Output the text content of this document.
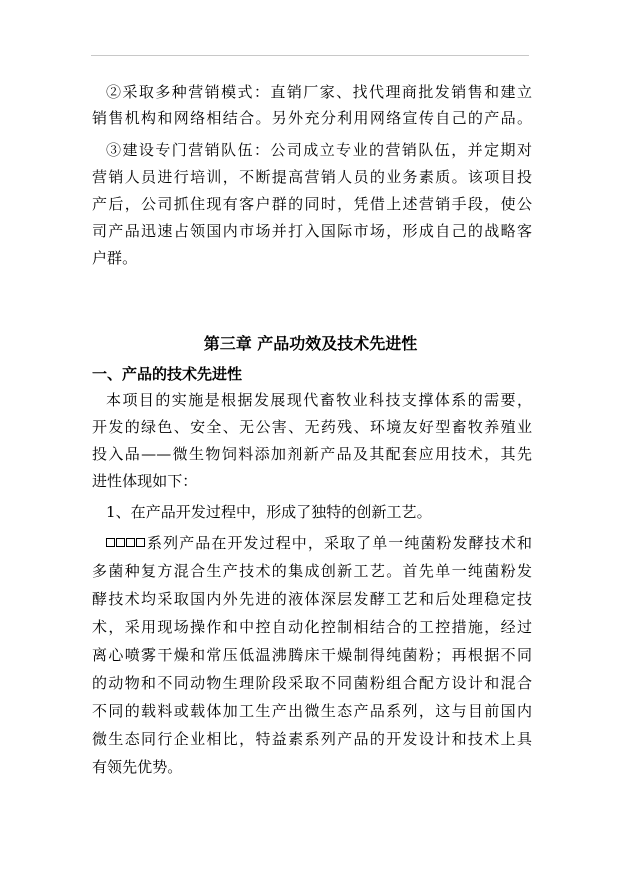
②采取多种营销模式：直销厂家、找代理商批发销售和建立
销售机构和网络相结合。另外充分利用网络宣传自己的产品。
③建设专门营销队伍：公司成立专业的营销队伍，并定期对
营销人员进行培训，不断提高营销人员的业务素质。该项目投
产后，公司抓住现有客户群的同时，凭借上述营销手段，使公
司产品迅速占领国内市场并打入国际市场，形成自己的战略客
户群。
本项目的实施是根据发展现代畜牧业科技支撑体系的需要，
开发的绿色、安全、无公害、无药残、环境友好型畜牧养殖业
投入品——微生物饲料添加剂新产品及其配套应用技术，其先
进性体现如下：
1、在产品开发过程中，形成了独特的创新工艺。
系列产品在开发过程中，采取了单一纯菌粉发酵技术和
多菌种复方混合生产技术的集成创新工艺。首先单一纯菌粉发
酵技术均采取国内外先进的液体深层发酵工艺和后处理稳定技
术，采用现场操作和中控自动化控制相结合的工控措施，经过
离心喷雾干燥和常压低温沸腾床干燥制得纯菌粉；再根据不同
的动物和不同动物生理阶段采取不同菌粉组合配方设计和混合
不同的载料或载体加工生产出微生态产品系列，这与目前国内
微生态同行企业相比，特益素系列产品的开发设计和技术上具
有领先优势。
第三章 产品功效及技术先进性
一、产品的技术先进性
